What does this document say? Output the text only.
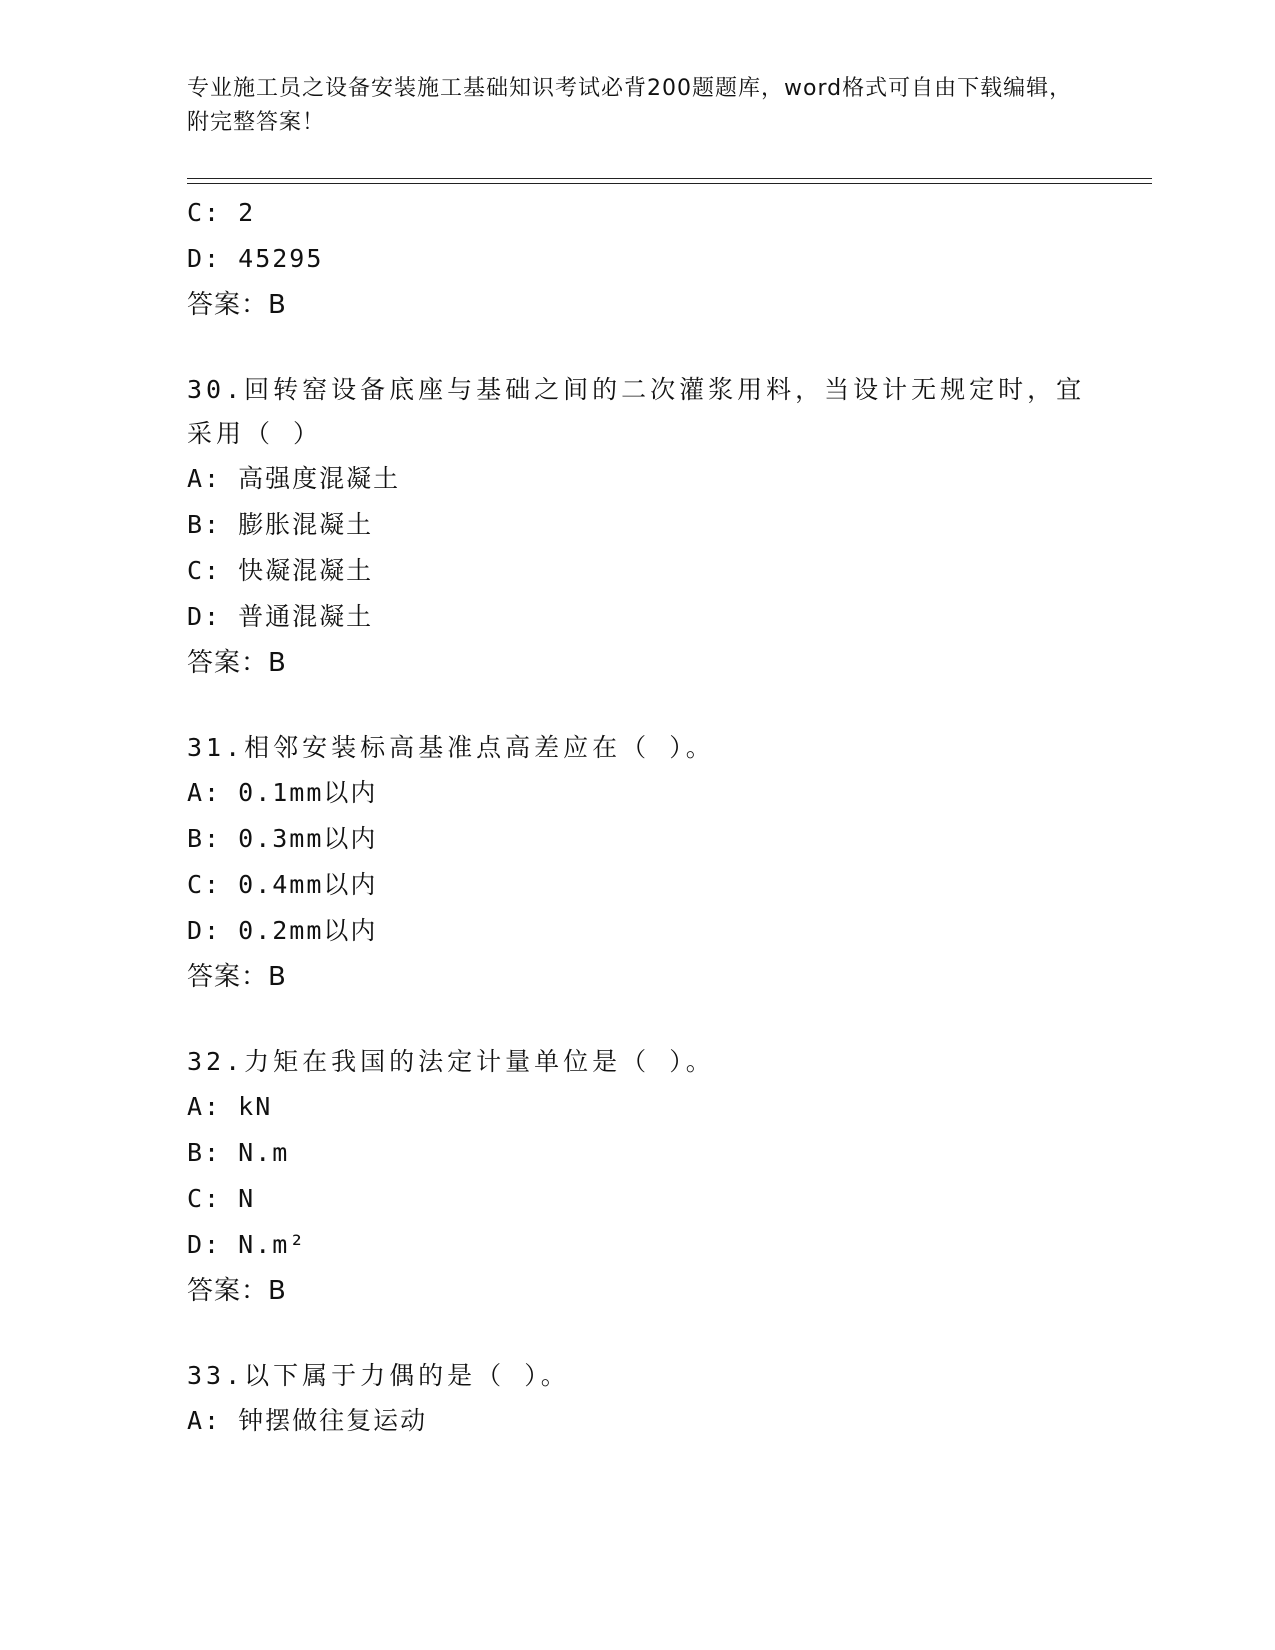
专业施工员之设备安装施工基础知识考试必背200题题库，word格式可自由下载编辑，附完整答案！
C: 2
D: 45295
答案：B
30.回转窑设备底座与基础之间的二次灌浆用料，当设计无规定时，宜采用（ ）
A: 高强度混凝土
B: 膨胀混凝土
C: 快凝混凝土
D: 普通混凝土
答案：B
31.相邻安装标高基准点高差应在（ ）。
A: 0.1mm以内
B: 0.3mm以内
C: 0.4mm以内
D: 0.2mm以内
答案：B
32.力矩在我国的法定计量单位是（ ）。
A: kN
B: N.m
C: N
D: N.m²
答案：B
33.以下属于力偶的是（ ）。
A: 钟摆做往复运动
